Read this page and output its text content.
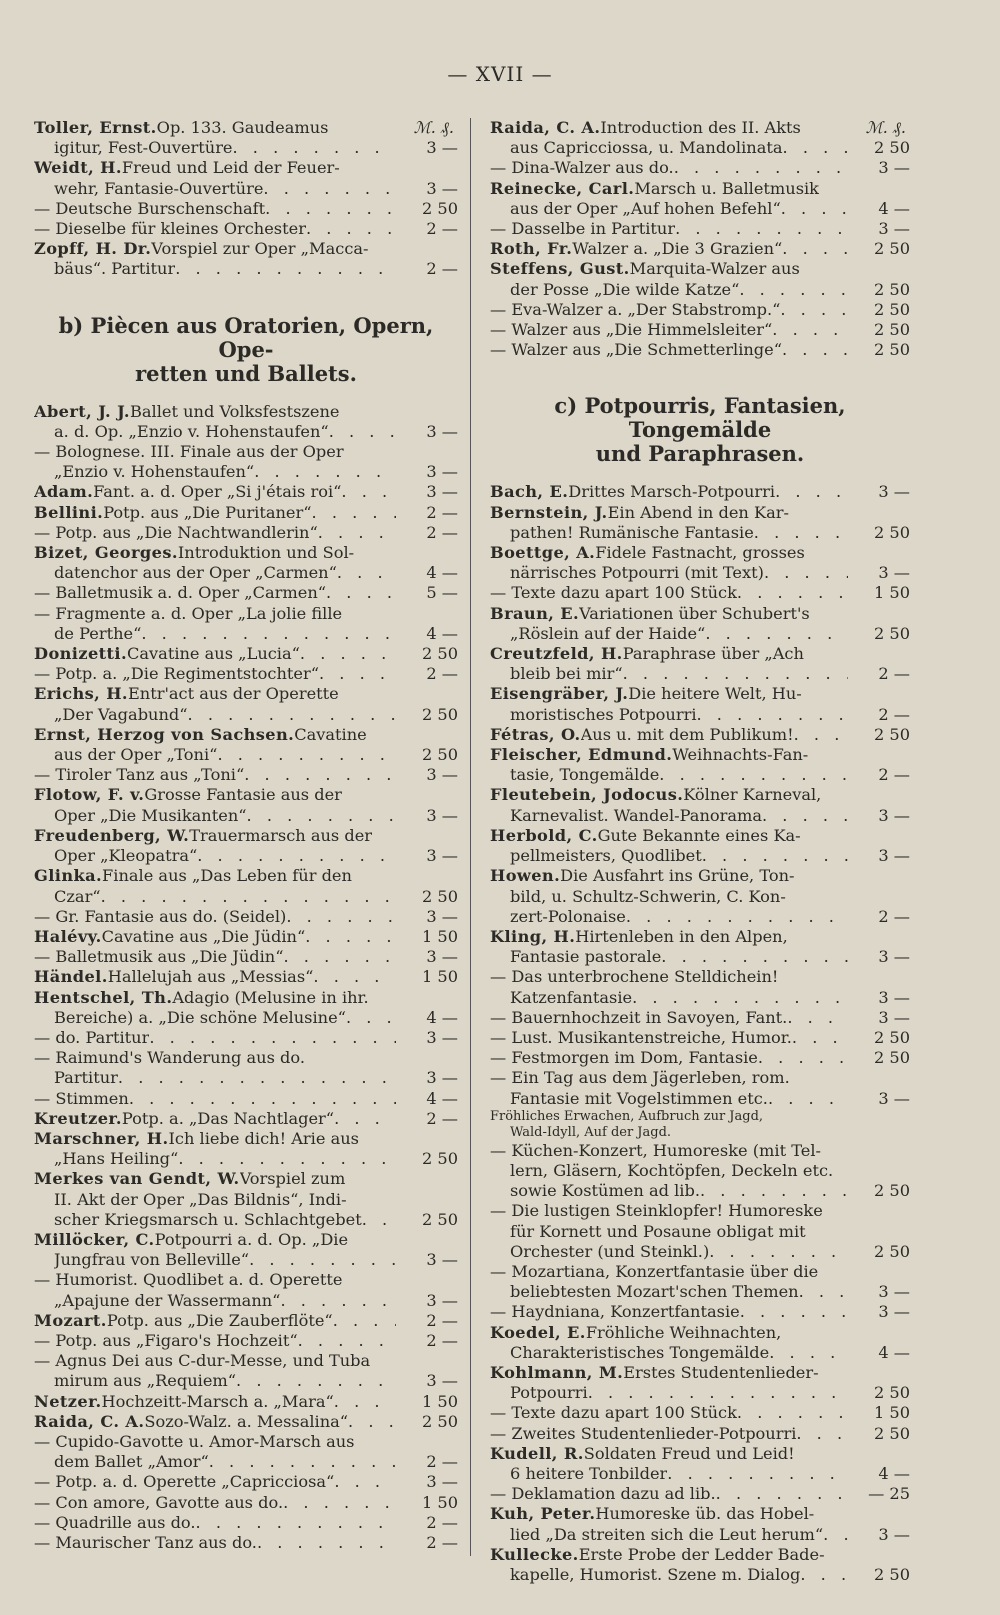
— XVII —
ℳ. ₰.
Toller, Ernst. Op. 133. Gaudeamus
igitur, Fest-Ouvertüre . . .	3 —
Weidt, H. Freud und Leid der Feuer-
wehr, Fantasie-Ouvertüre . . .	3 —
— Deutsche Burschenschaft . . .	2 50
— Dieselbe für kleines Orchester . . .	2 —
Zopff, H. Dr. Vorspiel zur Oper „Macca-
bäus“. Partitur . . .	2 —
b) Piècen aus Oratorien, Opern, Ope-
retten und Ballets.
Abert, J. J. Ballet und Volksfestszene
a. d. Op. „Enzio v. Hohenstaufen“ . . .	3 —
— Bolognese. III. Finale aus der Oper
„Enzio v. Hohenstaufen“ . . .	3 —
Adam. Fant. a. d. Oper „Si j'étais roi“ . . .	3 —
Bellini. Potp. aus „Die Puritaner“ . . .	2 —
— Potp. aus „Die Nachtwandlerin“ . . .	2 —
Bizet, Georges. Introduktion und Sol-
datenchor aus der Oper „Carmen“ . . .	4 —
— Balletmusik a. d. Oper „Carmen“ . . .	5 —
— Fragmente a. d. Oper „La jolie fille
de Perthe“ . . .	4 —
Donizetti. Cavatine aus „Lucia“ . . .	2 50
— Potp. a. „Die Regimentstochter“ . . .	2 —
Erichs, H. Entr'act aus der Operette
„Der Vagabund“ . . .	2 50
Ernst, Herzog von Sachsen. Cavatine
aus der Oper „Toni“ . . .	2 50
— Tiroler Tanz aus „Toni“ . . .	3 —
Flotow, F. v. Grosse Fantasie aus der
Oper „Die Musikanten“ . . .	3 —
Freudenberg, W. Trauermarsch aus der
Oper „Kleopatra“ . . .	3 —
Glinka. Finale aus „Das Leben für den
Czar“ . . .	2 50
— Gr. Fantasie aus do. (Seidel) . . .	3 —
Halévy. Cavatine aus „Die Jüdin“ . . .	1 50
— Balletmusik aus „Die Jüdin“ . . .	3 —
Händel. Hallelujah aus „Messias“ . . .	1 50
Hentschel, Th. Adagio (Melusine in ihr.
Bereiche) a. „Die schöne Melusine“ . . .	4 —
— do. Partitur . . .	3 —
— Raimund's Wanderung aus do.
Partitur . . .	3 —
— Stimmen . . .	4 —
Kreutzer. Potp. a. „Das Nachtlager“ . . .	2 —
Marschner, H. Ich liebe dich! Arie aus
„Hans Heiling“ . . .	2 50
Merkes van Gendt, W. Vorspiel zum
II. Akt der Oper „Das Bildnis“, Indi-
scher Kriegsmarsch u. Schlachtgebet . . .	2 50
Millöcker, C. Potpourri a. d. Op. „Die
Jungfrau von Belleville“ . . .	3 —
— Humorist. Quodlibet a. d. Operette
„Apajune der Wassermann“ . . .	3 —
Mozart. Potp. aus „Die Zauberflöte“ . . .	2 —
— Potp. aus „Figaro's Hochzeit“ . . .	2 —
— Agnus Dei aus C-dur-Messe, und Tuba
mirum aus „Requiem“ . . .	3 —
Netzer. Hochzeitt-Marsch a. „Mara“ . . .	1 50
Raida, C. A. Sozo-Walz. a. Messalina“ . . .	2 50
— Cupido-Gavotte u. Amor-Marsch aus
dem Ballet „Amor“ . . .	2 —
— Potp. a. d. Operette „Capricciosa“ . . .	3 —
— Con amore, Gavotte aus do. . . .	1 50
— Quadrille aus do. . . .	2 —
— Maurischer Tanz aus do. . . .	2 —
ℳ. ₰.
Raida, C. A. Introduction des II. Akts
aus Capricciossa, u. Mandolinata . . .	2 50
— Dina-Walzer aus do. . . .	3 —
Reinecke, Carl. Marsch u. Balletmusik
aus der Oper „Auf hohen Befehl“ . . .	4 —
— Dasselbe in Partitur . . .	3 —
Roth, Fr. Walzer a. „Die 3 Grazien“ . . .	2 50
Steffens, Gust. Marquita-Walzer aus
der Posse „Die wilde Katze“ . . .	2 50
— Eva-Walzer a. „Der Stabstromp.“ . . .	2 50
— Walzer aus „Die Himmelsleiter“ . . .	2 50
— Walzer aus „Die Schmetterlinge“ . . .	2 50
c) Potpourris, Fantasien, Tongemälde
und Paraphrasen.
Bach, E. Drittes Marsch-Potpourri . . .	3 —
Bernstein, J. Ein Abend in den Kar-
pathen! Rumänische Fantasie . . .	2 50
Boettge, A. Fidele Fastnacht, grosses
närrisches Potpourri (mit Text) . . .	3 —
— Texte dazu apart 100 Stück . . .	1 50
Braun, E. Variationen über Schubert's
„Röslein auf der Haide“ . . .	2 50
Creutzfeld, H. Paraphrase über „Ach
bleib bei mir“ . . .	2 —
Eisengräber, J. Die heitere Welt, Hu-
moristisches Potpourri . . .	2 —
Fétras, O. Aus u. mit dem Publikum! . . .	2 50
Fleischer, Edmund. Weihnachts-Fan-
tasie, Tongemälde . . .	2 —
Fleutebein, Jodocus. Kölner Karneval,
Karnevalist. Wandel-Panorama . . .	3 —
Herbold, C. Gute Bekannte eines Ka-
pellmeisters, Quodlibet . . .	3 —
Howen. Die Ausfahrt ins Grüne, Ton-
bild, u. Schultz-Schwerin, C. Kon-
zert-Polonaise . . .	2 —
Kling, H. Hirtenleben in den Alpen,
Fantasie pastorale . . .	3 —
— Das unterbrochene Stelldichein!
Katzenfantasie . . .	3 —
— Bauernhochzeit in Savoyen, Fant. . . .	3 —
— Lust. Musikantenstreiche, Humor. . . .	2 50
— Festmorgen im Dom, Fantasie . . .	2 50
— Ein Tag aus dem Jägerleben, rom.
Fantasie mit Vogelstimmen etc. . . .	3 —
Fröhliches Erwachen, Aufbruch zur Jagd,
Wald-Idyll, Auf der Jagd.
— Küchen-Konzert, Humoreske (mit Tel-
lern, Gläsern, Kochtöpfen, Deckeln etc.
sowie Kostümen ad lib. . . .	2 50
— Die lustigen Steinklopfer! Humoreske
für Kornett und Posaune obligat mit
Orchester (und Steinkl.) . . .	2 50
— Mozartiana, Konzertfantasie über die
beliebtesten Mozart'schen Themen . . .	3 —
— Haydniana, Konzertfantasie . . .	3 —
Koedel, E. Fröhliche Weihnachten,
Charakteristisches Tongemälde . . .	4 —
Kohlmann, M. Erstes Studentenlieder-
Potpourri . . .	2 50
— Texte dazu apart 100 Stück . . .	1 50
— Zweites Studentenlieder-Potpourri . . .	2 50
Kudell, R. Soldaten Freud und Leid!
6 heitere Tonbilder . . .	4 —
— Deklamation dazu ad lib. . . .	— 25
Kuh, Peter. Humoreske üb. das Hobel-
lied „Da streiten sich die Leut herum“ . . .	3 —
Kullecke. Erste Probe der Ledder Bade-
kapelle, Humorist. Szene m. Dialog . . .	2 50
